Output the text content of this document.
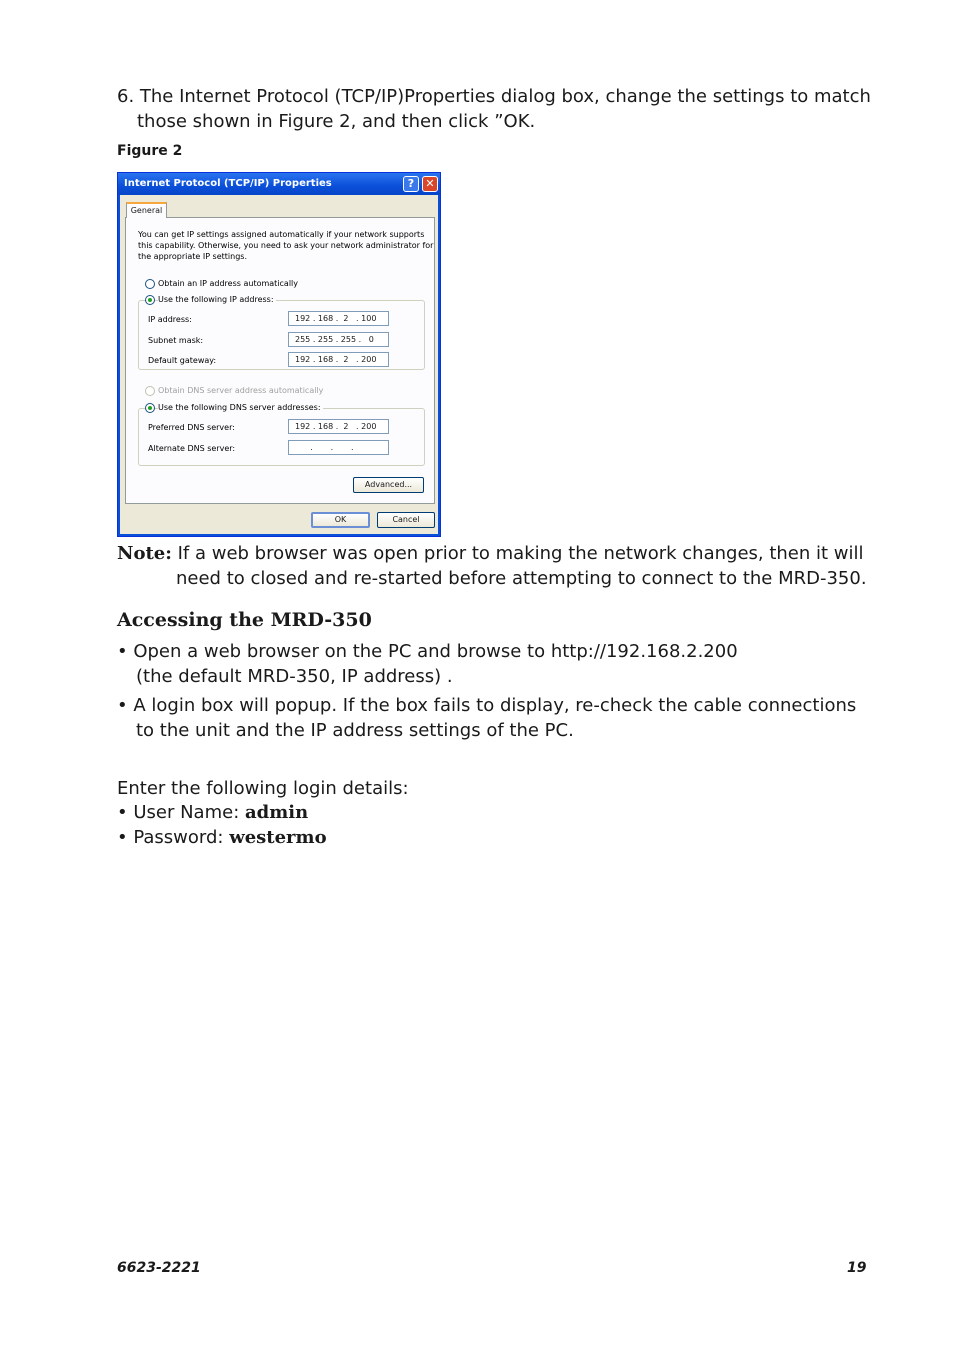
6. The Internet Protocol (TCP/IP)Properties dialog box, change the settings to match
those shown in Figure 2, and then click ”OK.
Figure 2
Internet Protocol (TCP/IP) Properties	?	✕
General
You can get IP settings assigned automatically if your network supports
this capability. Otherwise, you need to ask your network administrator for
the appropriate IP settings.
Obtain an IP address automatically
Use the following IP address:
IP address:	192 . 168 .  2   . 100
Subnet mask:	255 . 255 . 255 .   0
Default gateway:	192 . 168 .  2   . 200
Obtain DNS server address automatically
Use the following DNS server addresses:
Preferred DNS server:	192 . 168 .  2   . 200
Alternate DNS server:	.       .       .
Advanced...
OK	Cancel
Note: If a web browser was open prior to making the network changes, then it will
need to closed and re-started before attempting to connect to the MRD-350.
Accessing the MRD-350
• Open a web browser on the PC and browse to http://192.168.2.200
(the default MRD-350, IP address) .
• A login box will popup. If the box fails to display, re-check the cable connections
to the unit and the IP address settings of the PC.
Enter the following login details:
• User Name: admin
• Password: westermo
6623-2221	19
